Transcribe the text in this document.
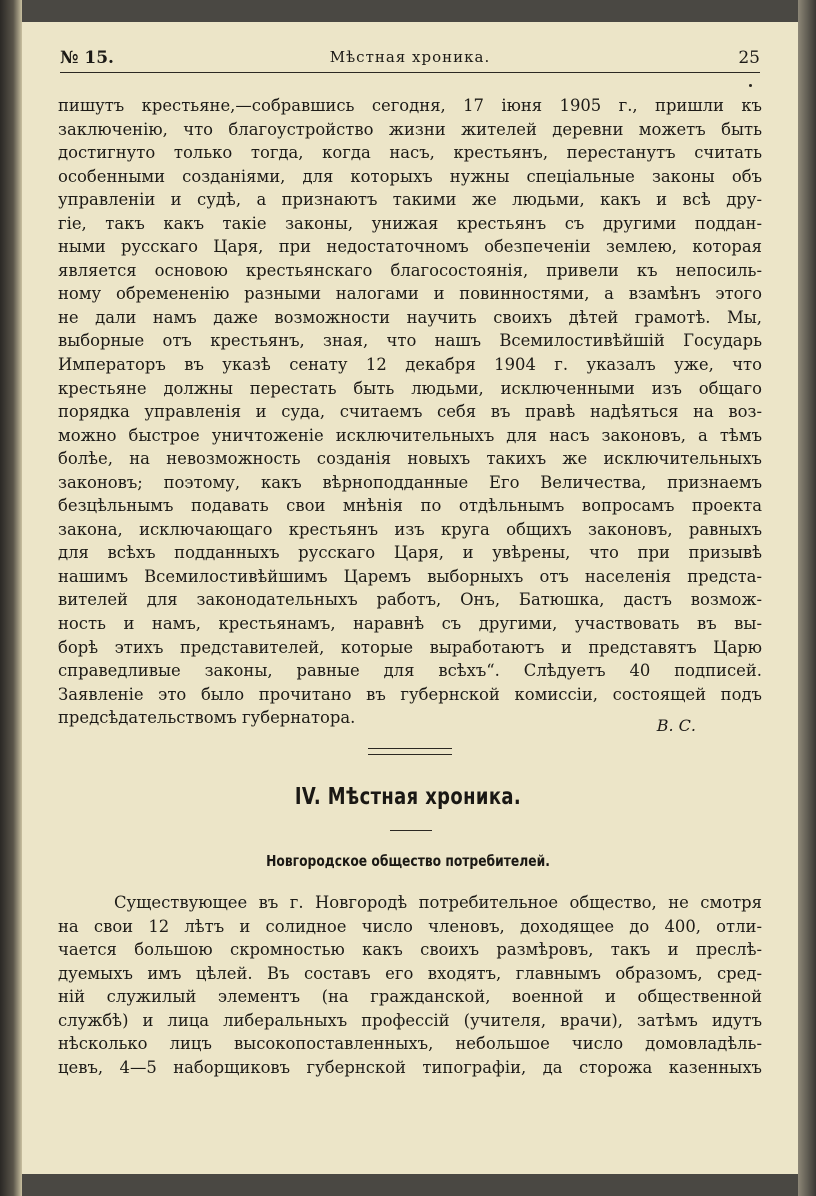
№ 15.	Мѣстная хроника.	25
пишутъ крестьяне,—собравшись сегодня, 17 іюня 1905 г., пришли къ
заключенію, что благоустройство жизни жителей деревни можетъ быть
достигнуто только тогда, когда насъ, крестьянъ, перестанутъ считать
особенными созданіями, для которыхъ нужны спеціальные законы объ
управленіи и судѣ, а признаютъ такими же людьми, какъ и всѣ дру-
гіе, такъ какъ такіе законы, унижая крестьянъ съ другими поддан-
ными русскаго Царя, при недостаточномъ обезпеченіи землею, которая
является основою крестьянскаго благосостоянія, привели къ непосиль-
ному обремененію разными налогами и повинностями, а взамѣнъ этого
не дали намъ даже возможности научить своихъ дѣтей грамотѣ. Мы,
выборные отъ крестьянъ, зная, что нашъ Всемилостивѣйшій Государь
Императоръ въ указѣ сенату 12 декабря 1904 г. указалъ уже, что
крестьяне должны перестать быть людьми, исключенными изъ общаго
порядка управленія и суда, считаемъ себя въ правѣ надѣяться на воз-
можно быстрое уничтоженіе исключительныхъ для насъ законовъ, а тѣмъ
болѣе, на невозможность созданія новыхъ такихъ же исключительныхъ
законовъ; поэтому, какъ вѣрноподданные Его Величества, признаемъ
безцѣльнымъ подавать свои мнѣнія по отдѣльнымъ вопросамъ проекта
закона, исключающаго крестьянъ изъ круга общихъ законовъ, равныхъ
для всѣхъ подданныхъ русскаго Царя, и увѣрены, что при призывѣ
нашимъ Всемилостивѣйшимъ Царемъ выборныхъ отъ населенія предста-
вителей для законодательныхъ работъ, Онъ, Батюшка, дастъ возмож-
ность и намъ, крестьянамъ, наравнѣ съ другими, участвовать въ вы-
борѣ этихъ представителей, которые выработаютъ и представятъ Царю
справедливые законы, равные для всѣхъ“. Слѣдуетъ 40 подписей.
Заявленіе это было прочитано въ губернской комиссіи, состоящей подъ
предсѣдательствомъ губернатора.	В. С.
IV. Мѣстная хроника.
Новгородское общество потребителей.
Существующее въ г. Новгородѣ потребительное общество, не смотря
на свои 12 лѣтъ и солидное число членовъ, доходящее до 400, отли-
чается большою скромностью какъ своихъ размѣровъ, такъ и преслѣ-
дуемыхъ имъ цѣлей. Въ составъ его входятъ, главнымъ образомъ, сред-
ній служилый элементъ (на гражданской, военной и общественной
службѣ) и лица либеральныхъ профессій (учителя, врачи), затѣмъ идутъ
нѣсколько лицъ высокопоставленныхъ, небольшое число домовладѣль-
цевъ, 4—5 наборщиковъ губернской типографіи, да сторожа казенныхъ
